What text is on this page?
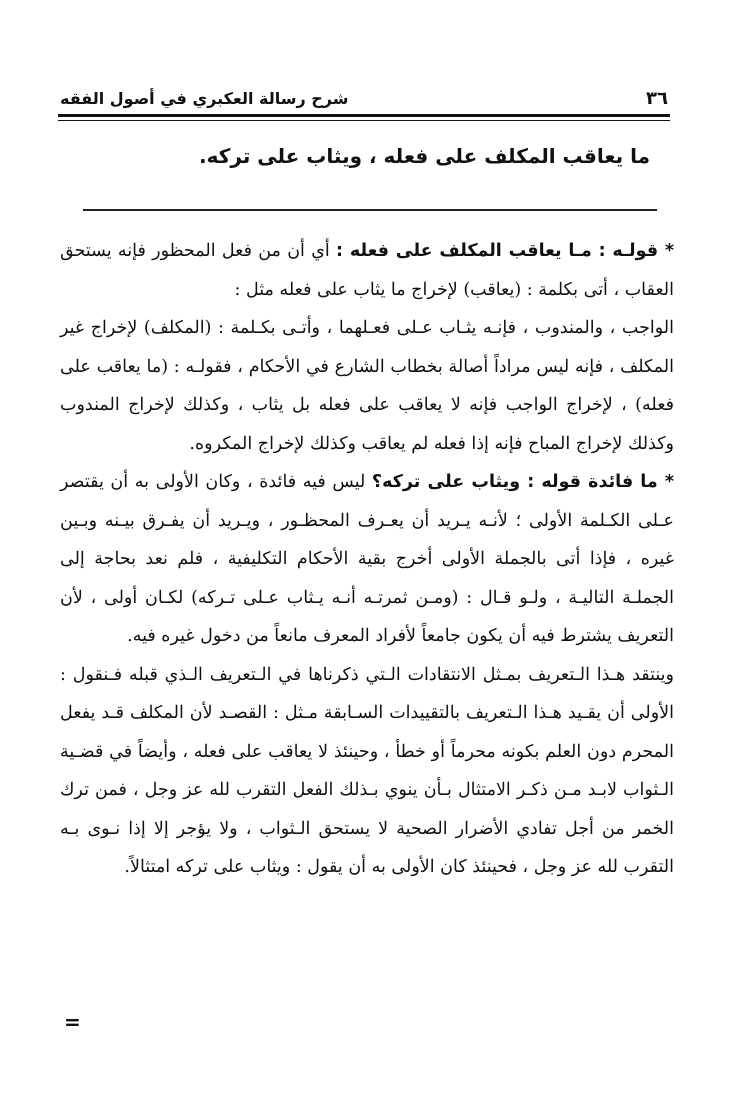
شرح رسالة العكبري في أصول الفقه	٣٦
ما يعاقب المكلف على فعله ، ويثاب على تركه.

* قولـه : مـا يعاقب المكلف على فعله : أي أن من فعل المحظور فإنه يستحق العقاب ، أتى بكلمة : (يعاقب) لإخراج ما يثاب على فعله مثل :

الواجب ، والمندوب ، فإنـه يثـاب عـلى فعـلهما ، وأتـى بكـلمة : (المكلف) لإخراج غير المكلف ، فإنه ليس مراداً أصالة بخطاب الشارع في الأحكام ، فقولـه : (ما يعاقب على فعله) ، لإخراج الواجب فإنه لا يعاقب على فعله بل يثاب ، وكذلك لإخراج المندوب وكذلك لإخراج المباح فإنه إذا فعله لم يعاقب وكذلك لإخراج المكروه.

* ما فائدة قوله : ويثاب على تركه؟ ليس فيه فائدة ، وكان الأولى به أن يقتصر عـلى الكـلمة الأولى ؛ لأنـه يـريد أن يعـرف المحظـور ، ويـريد أن يفـرق بيـنه وبـين غيره ، فإذا أتى بالجملة الأولى أخرج بقية الأحكام التكليفية ، فلم نعد بحاجة إلى الجملـة التاليـة ، ولـو قـال : (ومـن ثمرتـه أنـه يـثاب عـلى تـركه) لكـان أولى ، لأن التعريف يشترط فيه أن يكون جامعاً لأفراد المعرف مانعاً من دخول غيره فيه.

وينتقد هـذا الـتعريف بمـثل الانتقادات الـتي ذكرناها في الـتعريف الـذي قبله فـنقول : الأولى أن يقـيد هـذا الـتعريف بالتقييدات السـابقة مـثل : القصـد لأن المكلف قـد يفعل المحرم دون العلم بكونه محرماً أو خطأ ، وحينئذ لا يعاقب على فعله ، وأيضاً في قضـية الـثواب لابـد مـن ذكـر الامتثال بـأن ينوي بـذلك الفعل التقرب لله عز وجل ، فمن ترك الخمر من أجل تفادي الأضرار الصحية لا يستحق الـثواب ، ولا يؤجر إلا إذا نـوى بـه التقرب لله عز وجل ، فحينئذ كان الأولى به أن يقول : ويثاب على تركه امتثالاً.

=
